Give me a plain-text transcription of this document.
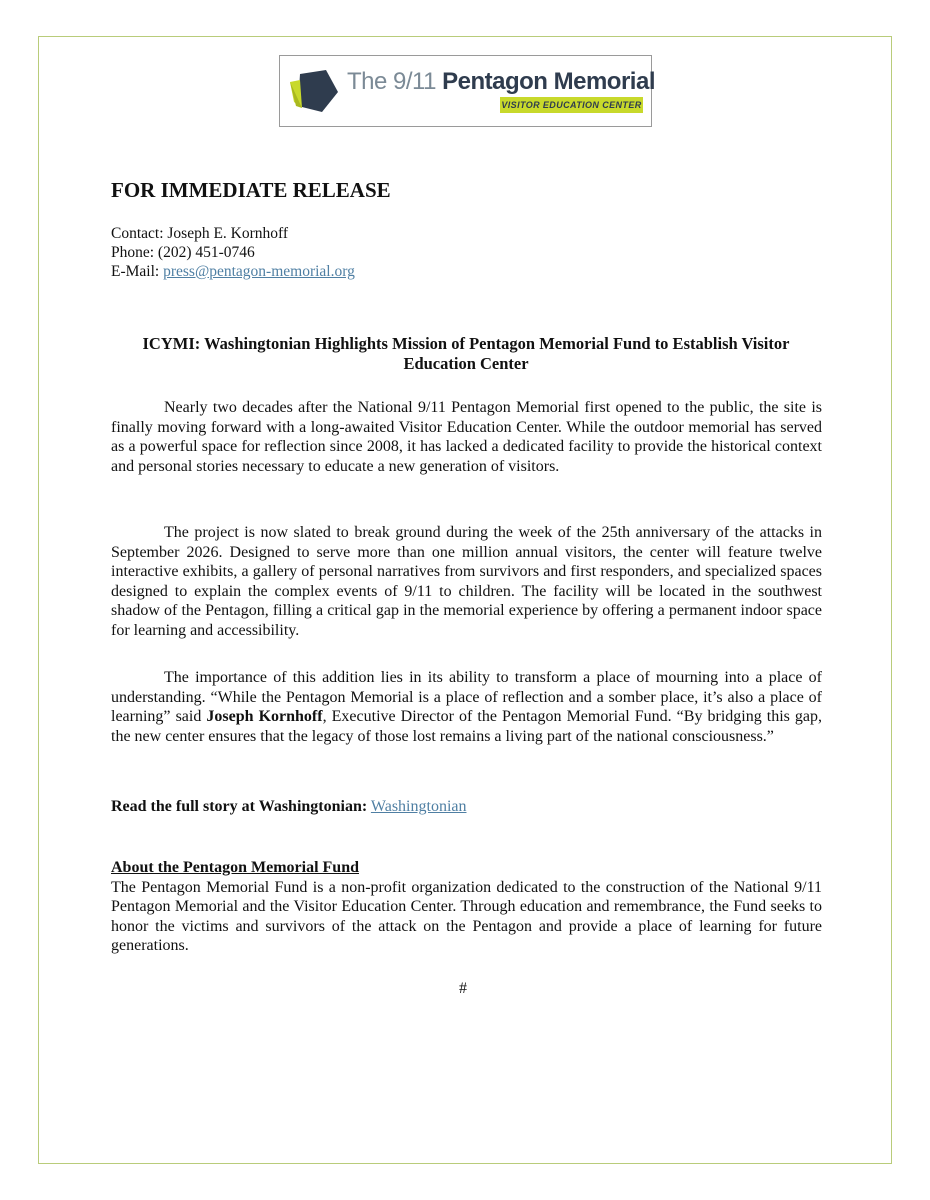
The 9/11 Pentagon Memorial
VISITOR EDUCATION CENTER
FOR IMMEDIATE RELEASE
Contact: Joseph E. Kornhoff
Phone: (202) 451-0746
E-Mail: press@pentagon-memorial.org
ICYMI: Washingtonian Highlights Mission of Pentagon Memorial Fund to Establish Visitor Education Center

Nearly two decades after the National 9/11 Pentagon Memorial first opened to the public, the site is finally moving forward with a long-awaited Visitor Education Center. While the outdoor memorial has served as a powerful space for reflection since 2008, it has lacked a dedicated facility to provide the historical context and personal stories necessary to educate a new generation of visitors.

The project is now slated to break ground during the week of the 25th anniversary of the attacks in September 2026. Designed to serve more than one million annual visitors, the center will feature twelve interactive exhibits, a gallery of personal narratives from survivors and first responders, and specialized spaces designed to explain the complex events of 9/11 to children. The facility will be located in the southwest shadow of the Pentagon, filling a critical gap in the memorial experience by offering a permanent indoor space for learning and accessibility.

The importance of this addition lies in its ability to transform a place of mourning into a place of understanding. “While the Pentagon Memorial is a place of reflection and a somber place, it’s also a place of learning” said Joseph Kornhoff, Executive Director of the Pentagon Memorial Fund. “By bridging this gap, the new center ensures that the legacy of those lost remains a living part of the national consciousness.”

Read the full story at Washingtonian: Washingtonian
About the Pentagon Memorial Fund
The Pentagon Memorial Fund is a non-profit organization dedicated to the construction of the National 9/11 Pentagon Memorial and the Visitor Education Center. Through education and remembrance, the Fund seeks to honor the victims and survivors of the attack on the Pentagon and provide a place of learning for future generations.
#
